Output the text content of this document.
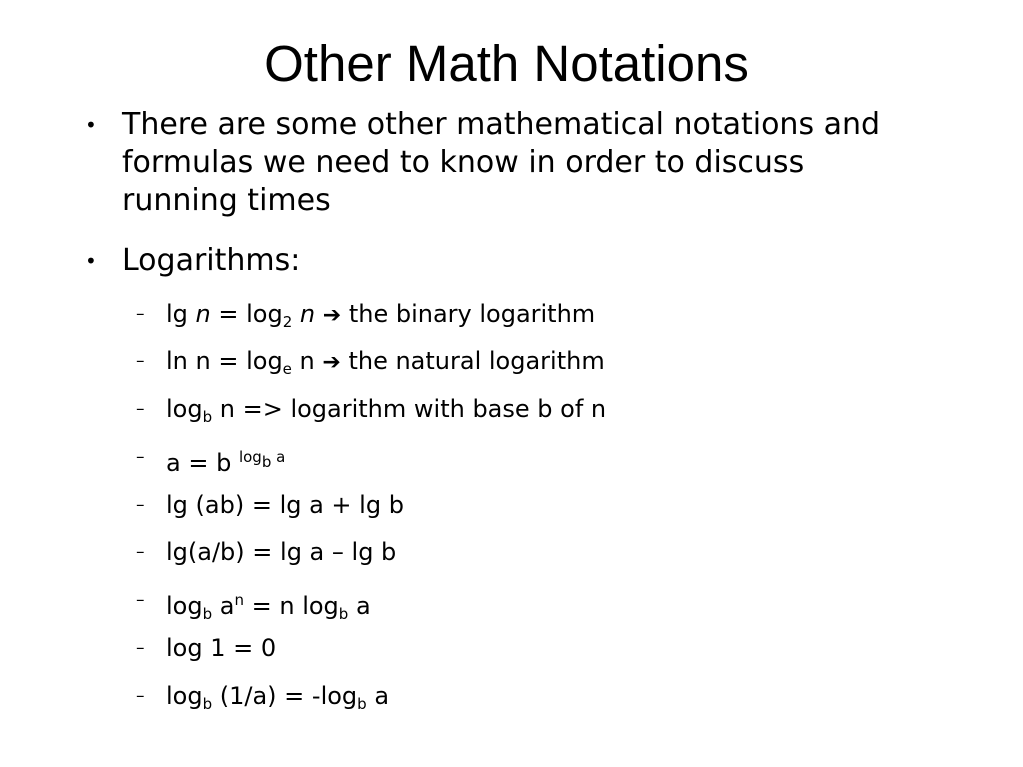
Other Math Notations
• There are some other mathematical notations and
formulas we need to know in order to discuss
running times
• Logarithms:
– $\lg n = \log_2 n$ ➔ the binary logarithm
– $\ln n = \log_e n$ ➔ the natural logarithm
– $\log_b n$ => logarithm with base b of n
– a = b $^{log_b a}$
– lg (ab) = lg a + lg b
– lg(a/b) = lg a – lg b
– $\log_b a^n = n$ $\log_b a$
– log 1 = 0
– $\log_b (1/a) = -\log_b$ a
